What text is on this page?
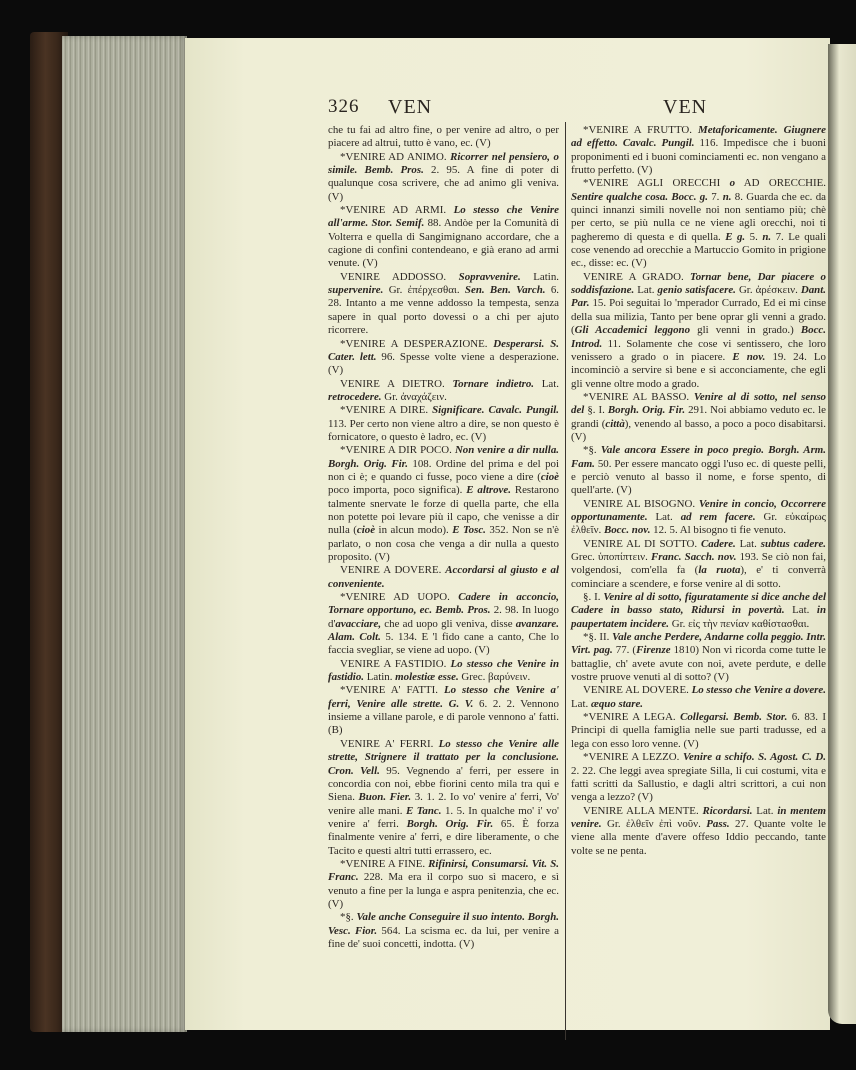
326 VEN	VEN

che tu fai ad altro fine, o per venire ad altro, o per piacere ad altrui, tutto è vano, ec. (V)

*VENIRE AD ANIMO. Ricorrer nel pensiero, o simile. Bemb. Pros. 2. 95. A fine di poter di qualunque cosa scrivere, che ad animo gli veniva. (V)

*VENIRE AD ARMI. Lo stesso che Venire all'arme. Stor. Semif. 88. Andòe per la Comunità di Volterra e quella di Sangimignano accordare, che a cagione di confini contendeano, e già erano ad armi venute. (V)

VENIRE ADDOSSO. Sopravvenire. Latin. supervenire. Gr. ἐπέρχεσθαι. Sen. Ben. Varch. 6. 28. Intanto a me venne addosso la tempesta, senza sapere in qual porto dovessi o a chi per ajuto ricorrere.

*VENIRE A DESPERAZIONE. Desperarsi. S. Cater. lett. 96. Spesse volte viene a desperazione. (V)

VENIRE A DIETRO. Tornare indietro. Lat. retrocedere. Gr. ἀναχάζειν.

*VENIRE A DIRE. Significare. Cavalc. Pungil. 113. Per certo non viene altro a dire, se non questo è fornicatore, o questo è ladro, ec. (V)

*VENIRE A DIR POCO. Non venire a dir nulla. Borgh. Orig. Fir. 108. Ordine del prima e del poi non ci è; e quando ci fusse, poco viene a dire (cioè poco importa, poco significa). E altrove. Restarono talmente snervate le forze di quella parte, che ella non potette poi levare più il capo, che venisse a dir nulla (cioè in alcun modo). E Tosc. 352. Non se n'è parlato, o non cosa che venga a dir nulla a questo proposito. (V)

VENIRE A DOVERE. Accordarsi al giusto e al conveniente.

*VENIRE AD UOPO. Cadere in acconcio, Tornare opportuno, ec. Bemb. Pros. 2. 98. In luogo d'avacciare, che ad uopo gli veniva, disse avanzare. Alam. Colt. 5. 134. E 'l fido cane a canto, Che lo faccia svegliar, se viene ad uopo. (V)

VENIRE A FASTIDIO. Lo stesso che Venire in fastidio. Latin. molestiæ esse. Grec. βαρύνειν.

*VENIRE A' FATTI. Lo stesso che Venire a' ferri, Venire alle strette. G. V. 6. 2. 2. Vennono insieme a villane parole, e di parole vennono a' fatti. (B)

VENIRE A' FERRI. Lo stesso che Venire alle strette, Strignere il trattato per la conclusione. Cron. Vell. 95. Vegnendo a' ferri, per essere in concordia con noi, ebbe fiorini cento mila tra qui e Siena. Buon. Fier. 3. 1. 2. Io vo' venire a' ferri, Vo' venire alle mani. E Tanc. 1. 5. In qualche mo' i' vo' venire a' ferri. Borgh. Orig. Fir. 65. È forza finalmente venire a' ferri, e dire liberamente, o che Tacito e questi altri tutti errassero, ec.

*VENIRE A FINE. Rifinirsi, Consumarsi. Vit. S. Franc. 228. Ma era il corpo suo sì macero, e sì venuto a fine per la lunga e aspra penitenzia, che ec. (V)

*§. Vale anche Conseguire il suo intento. Borgh. Vesc. Fior. 564. La scisma ec. da lui, per venire a fine de' suoi concetti, indotta. (V)

*VENIRE A FRUTTO. Metaforicamente. Giugnere ad effetto. Cavalc. Pungil. 116. Impedisce che i buoni proponimenti ed i buoni cominciamenti ec. non vengano a frutto perfetto. (V)

*VENIRE AGLI ORECCHI o AD ORECCHIE. Sentire qualche cosa. Bocc. g. 7. n. 8. Guarda che ec. da quinci innanzi simili novelle noi non sentiamo più; chè per certo, se più nulla ce ne viene agli orecchi, noi ti pagheremo di questa e di quella. E g. 5. n. 7. Le quali cose venendo ad orecchie a Martuccio Gomito in prigione ec., disse: ec. (V)

VENIRE A GRADO. Tornar bene, Dar piacere o soddisfazione. Lat. genio satisfacere. Gr. ἀρέσκειν. Dant. Par. 15. Poi seguitai lo 'mperador Currado, Ed ei mi cinse della sua milizia, Tanto per bene oprar gli venni a grado. (Gli Accademici leggono gli venni in grado.) Bocc. Introd. 11. Solamente che cose vi sentissero, che loro venissero a grado o in piacere. E nov. 19. 24. Lo incominciò a servire sì bene e sì acconciamente, che egli gli venne oltre modo a grado.

*VENIRE AL BASSO. Venire al di sotto, nel senso del §. I. Borgh. Orig. Fir. 291. Noi abbiamo veduto ec. le grandi (città), venendo al basso, a poco a poco disabitarsi. (V)

*§. Vale ancora Essere in poco pregio. Borgh. Arm. Fam. 50. Per essere mancato oggi l'uso ec. di queste pelli, e perciò venuto al basso il nome, e forse spento, di quell'arte. (V)

VENIRE AL BISOGNO. Venire in concio, Occorrere opportunamente. Lat. ad rem facere. Gr. εὐκαίρως ἐλθεῖν. Bocc. nov. 12. 5. Al bisogno ti fie venuto.

VENIRE AL DI SOTTO. Cadere. Lat. subtus cadere. Grec. ὑποπίπτειν. Franc. Sacch. nov. 193. Se ciò non fai, volgendosi, com'ella fa (la ruota), e' ti converrà cominciare a scendere, e forse venire al di sotto.

§. I. Venire al di sotto, figuratamente si dice anche del Cadere in basso stato, Ridursi in povertà. Lat. in paupertatem incidere. Gr. εἰς τὴν πενίαν καθίστασθαι.

*§. II. Vale anche Perdere, Andarne colla peggio. Intr. Virt. pag. 77. (Firenze 1810) Non vi ricorda come tutte le battaglie, ch' avete avute con noi, avete perdute, e delle vostre pruove venuti al di sotto? (V)

VENIRE AL DOVERE. Lo stesso che Venire a dovere. Lat. æquo stare.

*VENIRE A LEGA. Collegarsi. Bemb. Stor. 6. 83. I Principi di quella famiglia nelle sue parti tradusse, ed a lega con esso loro venne. (V)

*VENIRE A LEZZO. Venire a schifo. S. Agost. C. D. 2. 22. Che leggi avea spregiate Silla, li cui costumi, vita e fatti scritti da Sallustio, e dagli altri scrittori, a cui non venga a lezzo? (V)

VENIRE ALLA MENTE. Ricordarsi. Lat. in mentem venire. Gr. ἐλθεῖν ἐπὶ νοῦν. Pass. 27. Quante volte le viene alla mente d'avere offeso Iddio peccando, tante volte se ne penta.
